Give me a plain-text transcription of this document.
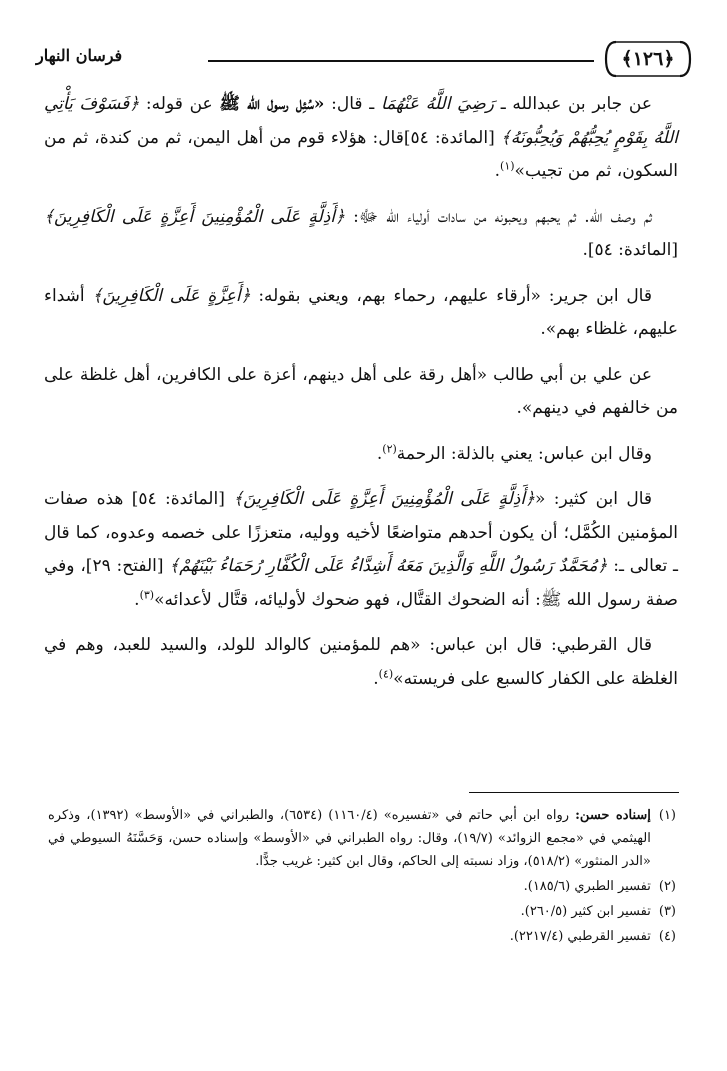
﴿١٢٦﴾
فرسان النهار

عن جابر بن عبدالله ـ رَضِيَ اللَّهُ عَنْهُمَا ـ قال: «سُئِل رسول الله ﷺ عن قوله: ﴿فَسَوْفَ يَأْتِي اللَّهُ بِقَوْمٍ يُحِبُّهُمْ وَيُحِبُّونَهُ﴾ [المائدة: ٥٤]قال: هؤلاء قوم من أهل اليمن، ثم من كندة، ثم من السكون، ثم من تجيب»$^{(١)}$.

ثم وصف الله. ثم يحبهم ويحبونه من سادات أولياء الله ﷻ: ﴿أَذِلَّةٍ عَلَى الْمُؤْمِنِينَ أَعِزَّةٍ عَلَى الْكَافِرِينَ﴾ [المائدة: ٥٤].

قال ابن جرير: «أرقاء عليهم، رحماء بهم، ويعني بقوله: ﴿أَعِزَّةٍ عَلَى الْكَافِرِينَ﴾ أشداء عليهم، غلظاء بهم».

عن علي بن أبي طالب «أهل رقة على أهل دينهم، أعزة على الكافرين، أهل غلظة على من خالفهم في دينهم».

وقال ابن عباس: يعني بالذلة: الرحمة$^{(٢)}$.

قال ابن كثير: «﴿أَذِلَّةٍ عَلَى الْمُؤْمِنِينَ أَعِزَّةٍ عَلَى الْكَافِرِينَ﴾ [المائدة: ٥٤] هذه صفات المؤمنين الكُمَّل؛ أن يكون أحدهم متواضعًا لأخيه ووليه، متعززًا على خصمه وعدوه، كما قال ـ تعالى ـ: ﴿مُحَمَّدٌ رَسُولُ اللَّهِ وَالَّذِينَ مَعَهُ أَشِدَّاءُ عَلَى الْكُفَّارِ رُحَمَاءُ بَيْنَهُمْ﴾ [الفتح: ٢٩]، وفي صفة رسول الله ﷺ: أنه الضحوك القتَّال، فهو ضحوك لأوليائه، قتَّال لأعدائه»$^{(٣)}$.

قال القرطبي: قال ابن عباس: «هم للمؤمنين كالوالد للولد، والسيد للعبد، وهم في الغلظة على الكفار كالسبع على فريسته»$^{(٤)}$.

(١)
إسناده حسن: رواه ابن أبي حاتم في «تفسيره» (١١٦٠/٤) (٦٥٣٤)، والطبراني في «الأوسط» (١٣٩٢)، وذكره الهيثمي في «مجمع الزوائد» (١٩/٧)، وقال: رواه الطبراني في «الأوسط» وإسناده حسن، وَحَسَّنَهُ السيوطي في «الدر المنثور» (٥١٨/٢)، وزاد نسبته إلى الحاكم، وقال ابن كثير: غريب جدًّا.
(٢)
تفسير الطبري (١٨٥/٦).
(٣)
تفسير ابن كثير (٢٦٠/٥).
(٤)
تفسير القرطبي (٢٢١٧/٤).
